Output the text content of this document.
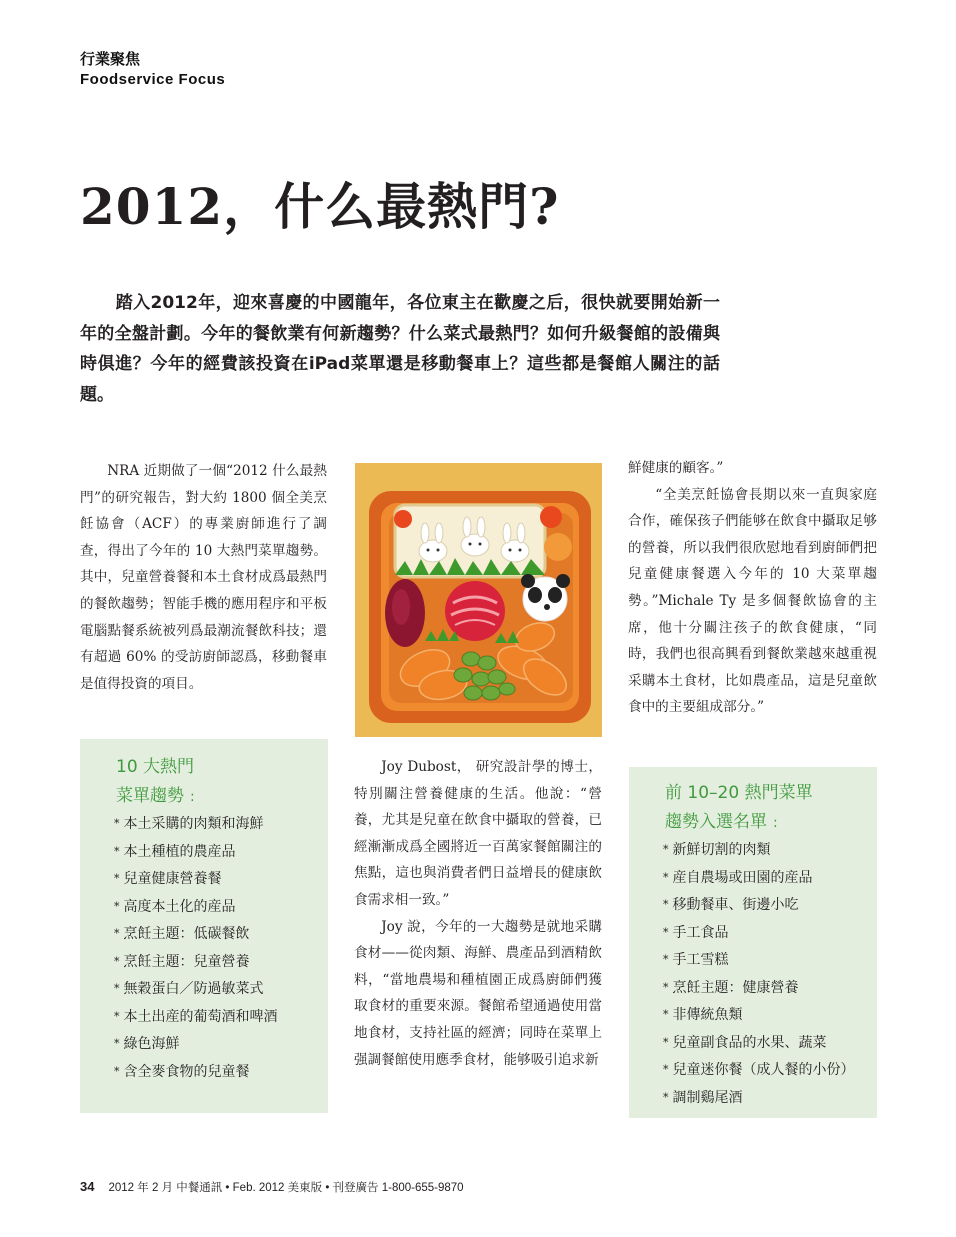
行業聚焦
Foodservice Focus
2012，什么最熱門?

踏入2012年，迎來喜慶的中國龍年，各位東主在歡慶之后，很快就要開始新一年的全盤計劃。今年的餐飲業有何新趨勢？什么菜式最熱門？如何升級餐館的設備與時俱進？今年的經費該投資在iPad菜單還是移動餐車上？這些都是餐館人關注的話題。

NRA 近期做了一個“2012 什么最熱門”的研究報告，對大約 1800 個全美烹飪協會（ACF）的專業廚師進行了調查，得出了今年的 10 大熱門菜單趨勢。其中，兒童營養餐和本土食材成爲最熱門的餐飲趨勢；智能手機的應用程序和平板電腦點餐系統被列爲最潮流餐飲科技；還有超過 60% 的受訪廚師認爲，移動餐車是值得投資的項目。

Joy Dubost， 研究設計學的博士，特別關注營養健康的生活。他說：“營養，尤其是兒童在飲食中攝取的營養，已經漸漸成爲全國將近一百萬家餐館關注的焦點，這也與消費者們日益增長的健康飲食需求相一致。”

Joy 說，今年的一大趨勢是就地采購食材——從肉類、海鮮、農產品到酒精飲料，“當地農場和種植園正成爲廚師們獲取食材的重要來源。餐館希望通過使用當地食材，支持社區的經濟；同時在菜單上强調餐館使用應季食材，能够吸引追求新

鮮健康的顧客。”

“全美烹飪協會長期以來一直與家庭合作，確保孩子們能够在飲食中攝取足够的營養，所以我們很欣慰地看到廚師們把兒童健康餐選入今年的 10 大菜單趨勢。”Michale Ty 是多個餐飲協會的主席，他十分關注孩子的飲食健康，“同時，我們也很高興看到餐飲業越來越重視采購本土食材，比如農產品，這是兒童飲食中的主要組成部分。”

10 大熱門
菜單趨勢 :
* 本土采購的肉類和海鮮
* 本土種植的農産品
* 兒童健康營養餐
* 高度本土化的産品
* 烹飪主題：低碳餐飲
* 烹飪主題：兒童營養
* 無穀蛋白／防過敏菜式
* 本土出産的葡萄酒和啤酒
* 綠色海鮮
* 含全麥食物的兒童餐
前 10–20 熱門菜單
趨勢入選名單 :
* 新鮮切割的肉類
* 産自農場或田園的産品
* 移動餐車、街邊小吃
* 手工食品
* 手工雪糕
* 烹飪主題：健康營養
* 非傳統魚類
* 兒童副食品的水果、蔬菜
* 兒童迷你餐（成人餐的小份）
* 調制鷄尾酒
34 2012 年 2 月 中餐通訊 • Feb. 2012 美東版 • 刊登廣告 1-800-655-9870
